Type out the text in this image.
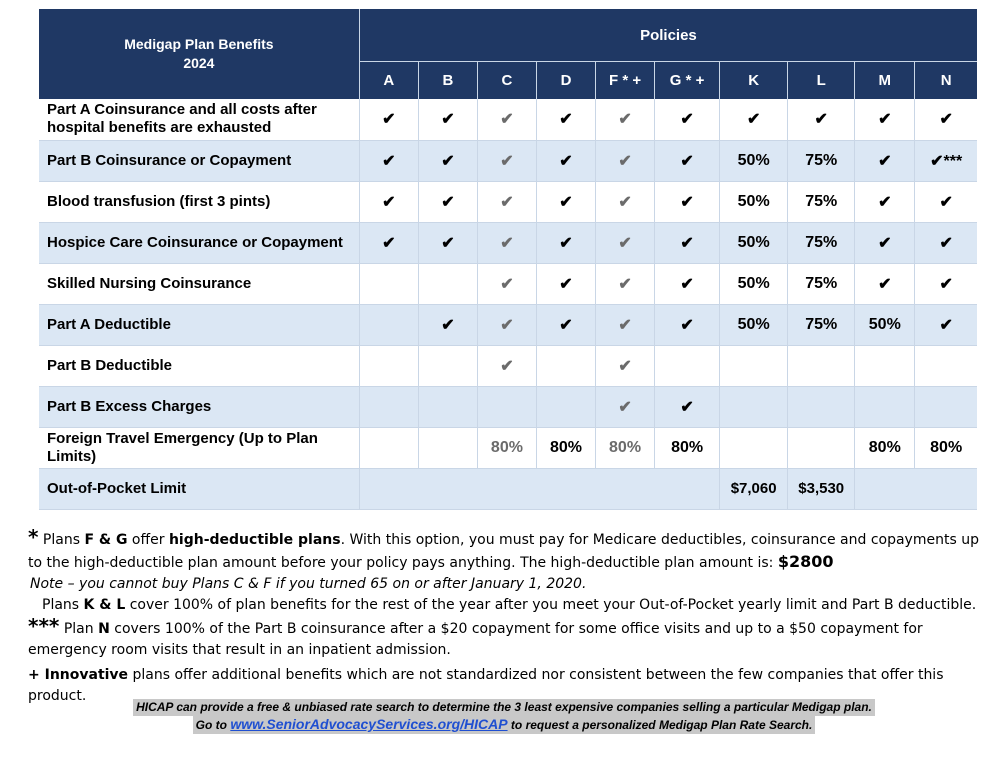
Medigap Plan Benefits
2024	Policies									
	A	B	C	D	F * +	G * +	K	L	M	N
Part A Coinsurance and all costs after hospital benefits are exhausted	✔	✔	✔	✔	✔	✔	✔	✔	✔	✔
Part B Coinsurance or Copayment	✔	✔	✔	✔	✔	✔	50%	75%	✔	✔***
Blood transfusion (first 3 pints)	✔	✔	✔	✔	✔	✔	50%	75%	✔	✔
Hospice Care Coinsurance or Copayment	✔	✔	✔	✔	✔	✔	50%	75%	✔	✔
Skilled Nursing Coinsurance			✔	✔	✔	✔	50%	75%	✔	✔
Part A Deductible		✔	✔	✔	✔	✔	50%	75%	50%	✔
Part B Deductible			✔		✔					
Part B Excess Charges					✔	✔				
Foreign Travel Emergency (Up to Plan Limits)			80%	80%	80%	80%			80%	80%
Out-of-Pocket Limit							$7,060	$3,530		

* Plans F & G offer high-deductible plans. With this option, you must pay for Medicare deductibles, coinsurance and copayments up to the high-deductible plan amount before your policy pays anything. The high-deductible plan amount is: $2800

Note – you cannot buy Plans C & F if you turned 65 on or after January 1, 2020.

Plans K & L cover 100% of plan benefits for the rest of the year after you meet your Out-of-Pocket yearly limit and Part B deductible.

*** Plan N covers 100% of the Part B coinsurance after a $20 copayment for some office visits and up to a $50 copayment for emergency room visits that result in an inpatient admission.

+ Innovative plans offer additional benefits which are not standardized nor consistent between the few companies that offer this product.

HICAP can provide a free & unbiased rate search to determine the 3 least expensive companies selling a particular Medigap plan.
Go to www.SeniorAdvocacyServices.org/HICAP to request a personalized Medigap Plan Rate Search.
